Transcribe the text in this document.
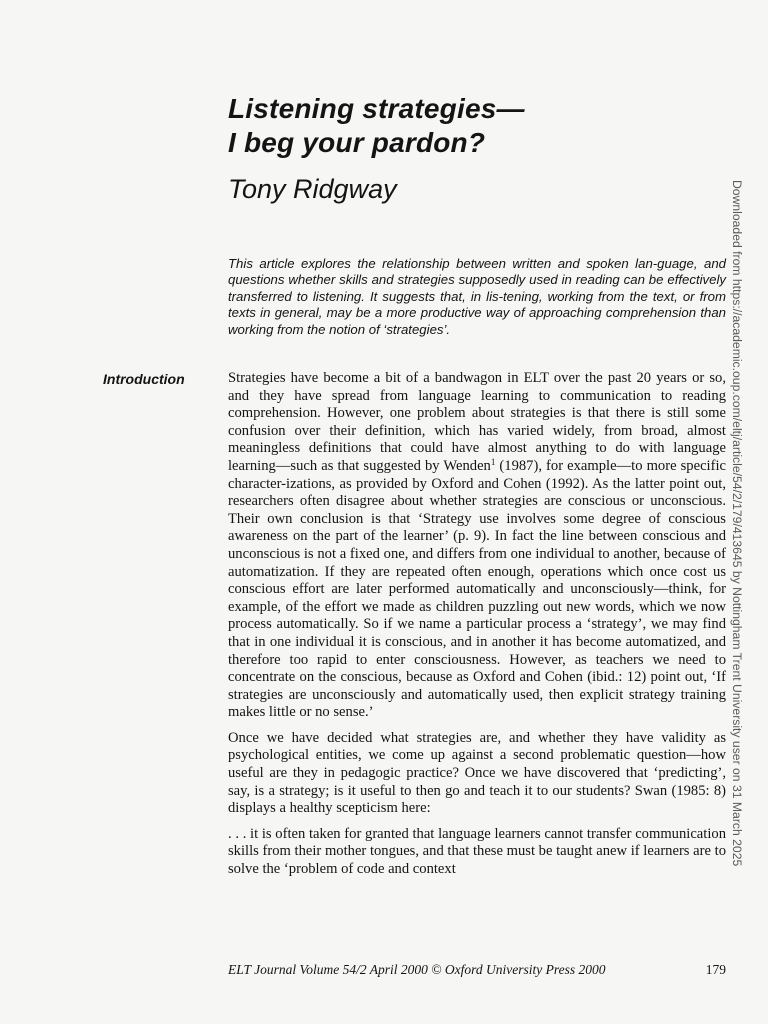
Listening strategies—
I beg your pardon?
Tony Ridgway

This article explores the relationship between written and spoken lan-guage, and questions whether skills and strategies supposedly used in reading can be effectively transferred to listening. It suggests that, in lis-tening, working from the text, or from texts in general, may be a more productive way of approaching comprehension than working from the notion of ‘strategies’.

Introduction	Strategies have become a bit of a bandwagon in ELT over the past 20 years or so, and they have spread from language learning to communication to reading comprehension. However, one problem about strategies is that there is still some confusion over their definition, which has varied widely, from broad, almost meaningless definitions that could have almost anything to do with language learning—such as that suggested by Wenden$^1$ (1987), for example—to more specific character-izations, as provided by Oxford and Cohen (1992). As the latter point out, researchers often disagree about whether strategies are conscious or unconscious. Their own conclusion is that ‘Strategy use involves some degree of conscious awareness on the part of the learner’ (p. 9). In fact the line between conscious and unconscious is not a fixed one, and differs from one individual to another, because of automatization. If they are repeated often enough, operations which once cost us conscious effort are later performed automatically and unconsciously—think, for example, of the effort we made as children puzzling out new words, which we now process automatically. So if we name a particular process a ‘strategy’, we may find that in one individual it is conscious, and in another it has become automatized, and therefore too rapid to enter consciousness. However, as teachers we need to concentrate on the conscious, because as Oxford and Cohen (ibid.: 12) point out, ‘If strategies are unconsciously and automatically used, then explicit strategy training makes little or no sense.’

Once we have decided what strategies are, and whether they have validity as psychological entities, we come up against a second problematic question—how useful are they in pedagogic practice? Once we have discovered that ‘predicting’, say, is a strategy; is it useful to then go and teach it to our students? Swan (1985: 8) displays a healthy scepticism here:

. . . it is often taken for granted that language learners cannot transfer communication skills from their mother tongues, and that these must be taught anew if learners are to solve the ‘problem of code and context

ELT Journal Volume 54/2 April 2000 © Oxford University Press 2000	179
Downloaded from https://academic.oup.com/eltj/article/54/2/179/413645 by Nottingham Trent University user on 31 March 2025
